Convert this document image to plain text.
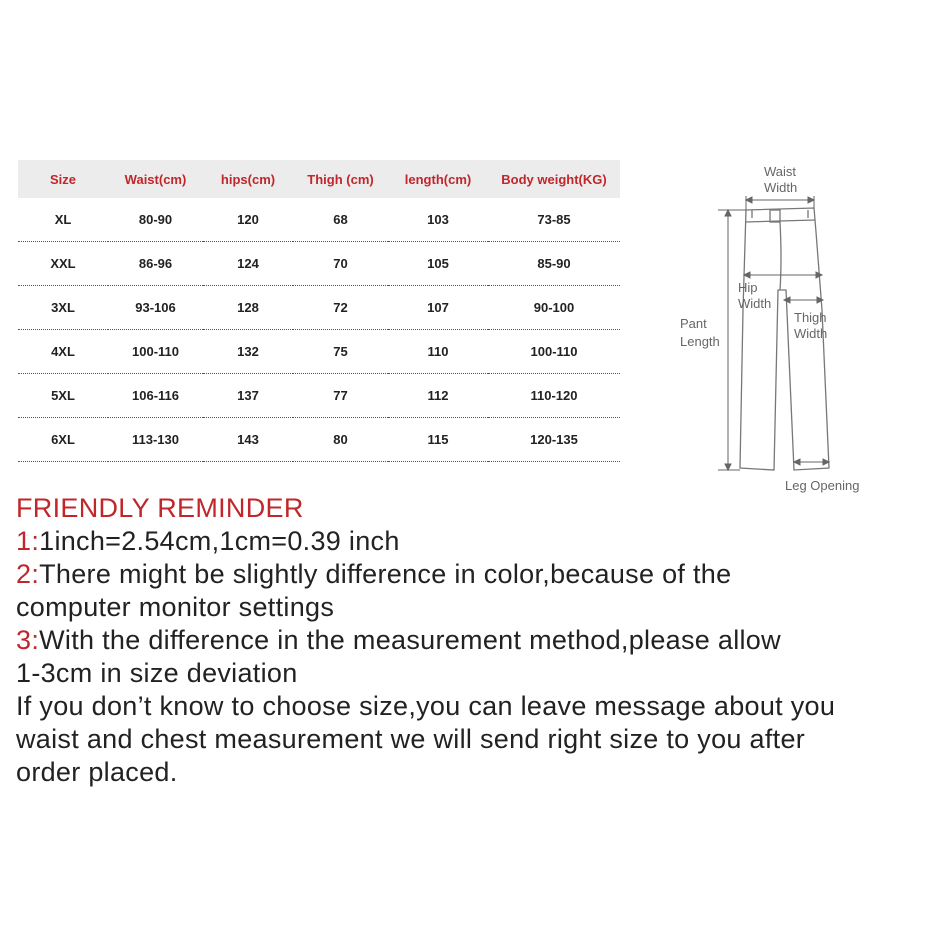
Size	Waist(cm)	hips(cm)	Thigh (cm)	length(cm)	Body weight(KG)
XL	80-90	120	68	103	73-85
XXL	86-96	124	70	105	85-90
3XL	93-106	128	72	107	90-100
4XL	100-110	132	75	110	100-110
5XL	106-116	137	77	112	110-120
6XL	113-130	143	80	115	120-135
Waist
Width
Hip
Width
Thigh
Width
Pant
Length
Leg Opening
FRIENDLY REMINDER
1:1inch=2.54cm,1cm=0.39 inch
2:There might be slightly difference in color,because of the
computer monitor settings
3:With the difference in the measurement method,please allow
1-3cm in size deviation
If you don’t know to choose size,you can leave message about you
waist and chest measurement we will send right size to you after
order placed.
